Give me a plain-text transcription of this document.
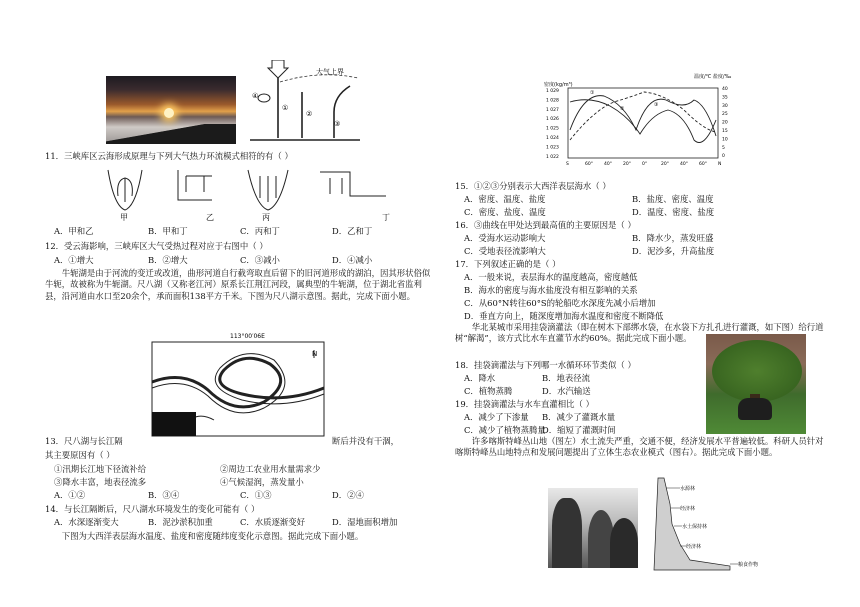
大气上界
①
②
③
④
11．三峡库区云海形成原理与下列大气热力环流模式相符的有（ ）
甲	乙	丙	丁
A．甲和乙	B．甲和丁	C．丙和丁	D．乙和丁
12．受云海影响，三峡库区大气受热过程对应于右图中（ ）
A．①增大	B．②增大	C．③减小	D．④减小
牛轭湖是由于河流的变迁或改道，曲形河道自行截弯取直后留下的旧河道形成的湖泊，因其形状俗似牛轭，故被称为牛轭湖。尺八湖（又称老江河）原系长江荆江河段，属典型的牛轭湖，位于湖北省监利县，沿河道由水口至20余个，承而面积138平方千米。下图为尺八湖示意图。据此，完成下面小题。
113°00′06E
N
13．尺八湖与长江隔	断后并没有干涸，
其主要原因有（ ）
①汛期长江地下径流补给	②周边工农业用水量需求少
③降水丰富，地表径流多	④气候湿润，蒸发量小
A．①②	B．③④	C．①③	D．②④
14．与长江隔断后，尺八湖水环境发生的变化可能有（ ）
A．水深逐渐变大	B．泥沙淤积加重	C．水质逐渐变好	D．湿地面积增加
下图为大西洋表层海水温度、盐度和密度随纬度变化示意图。据此完成下面小题。
密度(kg/m³)
温度/℃ 盐度/‰
1 029
1 028
1 027
1 026
1 025
1 024
1 023
1 022
40
35
30
25
20
15
10
5
0
S	60° 40° 20° 0°	20° 40° 60° N
①
②
③
15．①②③分别表示大西洋表层海水（ ）
A．密度、温度、盐度	B．盐度、密度、温度
C．密度、盐度、温度	D．温度、密度、盐度
16．③曲线在甲处达到最高值的主要原因是（ ）
A．受海水运动影响大	B．降水少，蒸发旺盛
C．受地表径流影响大	D．泥沙多，升高盐度
17．下列叙述正确的是（ ）
A．一般来说，表层海水的温度越高，密度越低
B．海水的密度与海水盐度没有相互影响的关系
C．从60°N转往60°S的轮船吃水深度先减小后增加
D．垂直方向上，随深度增加海水温度和密度不断降低
华北某城市采用挂袋滴灌法（即在树木下部绑水袋，在水袋下方扎孔进行灌溉，如下图）给行道树“解渴”，该方式比水车直灌节水约60%。据此完成下面小题。
18．挂袋滴灌法与下列哪一水循环环节类似（ ）
A．降水	B．地表径流
C．植物蒸腾	D．水汽输送
19．挂袋滴灌法与水车直灌相比（ ）
A．减少了下渗量 B．减少了灌溉水量
C．减少了植物蒸腾量
D．缩短了灌溉时间
许多喀斯特峰丛山地（图左）水土流失严重，交通不便，经济发展水平普遍较低。科研人员针对喀斯特峰丛山地特点和发展问题提出了立体生态农业模式（图右）。据此完成下面小题。
水源林
经济林
水土保持林
经济林
粮食作物
